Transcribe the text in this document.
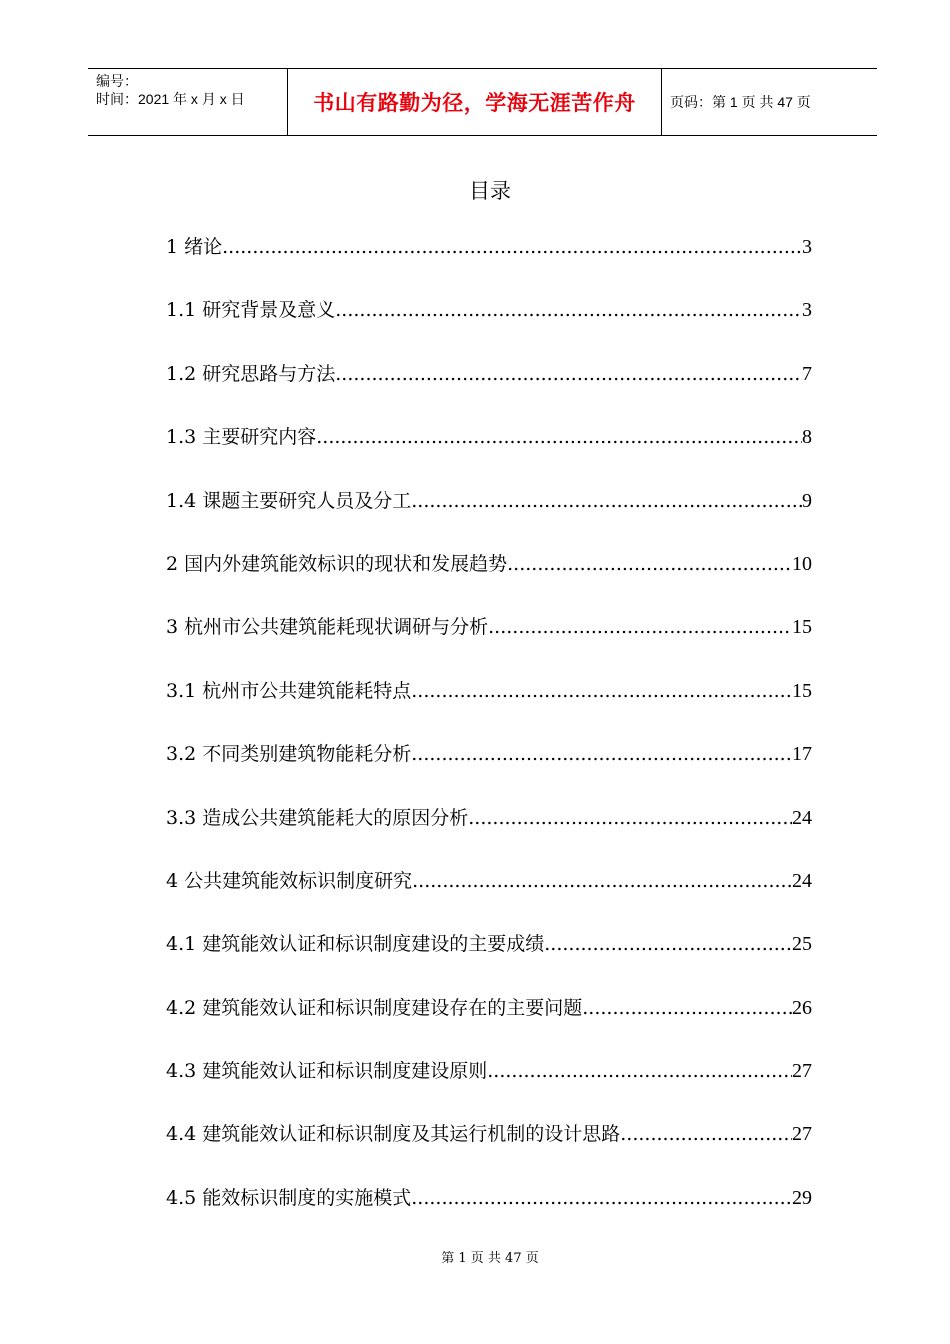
编号：
时间：2021 年 x 月 x 日	书山有路勤为径，学海无涯苦作舟 页码：第 1 页 共 47 页
目录
1 绪论 .....	3
1.1 研究背景及意义 .....	3
1.2 研究思路与方法 .....	7
1.3 主要研究内容 .....	8
1.4 课题主要研究人员及分工 .....	9
2 国内外建筑能效标识的现状和发展趋势 .....	10
3 杭州市公共建筑能耗现状调研与分析 .....	15
3.1 杭州市公共建筑能耗特点 .....	15
3.2 不同类别建筑物能耗分析 .....	17
3.3 造成公共建筑能耗大的原因分析 .....	24
4 公共建筑能效标识制度研究 .....	24
4.1 建筑能效认证和标识制度建设的主要成绩 .....	25
4.2 建筑能效认证和标识制度建设存在的主要问题 .....	26
4.3 建筑能效认证和标识制度建设原则 .....	27
4.4 建筑能效认证和标识制度及其运行机制的设计思路 .....	27
4.5 能效标识制度的实施模式 .....	29
第 1 页 共 47 页
